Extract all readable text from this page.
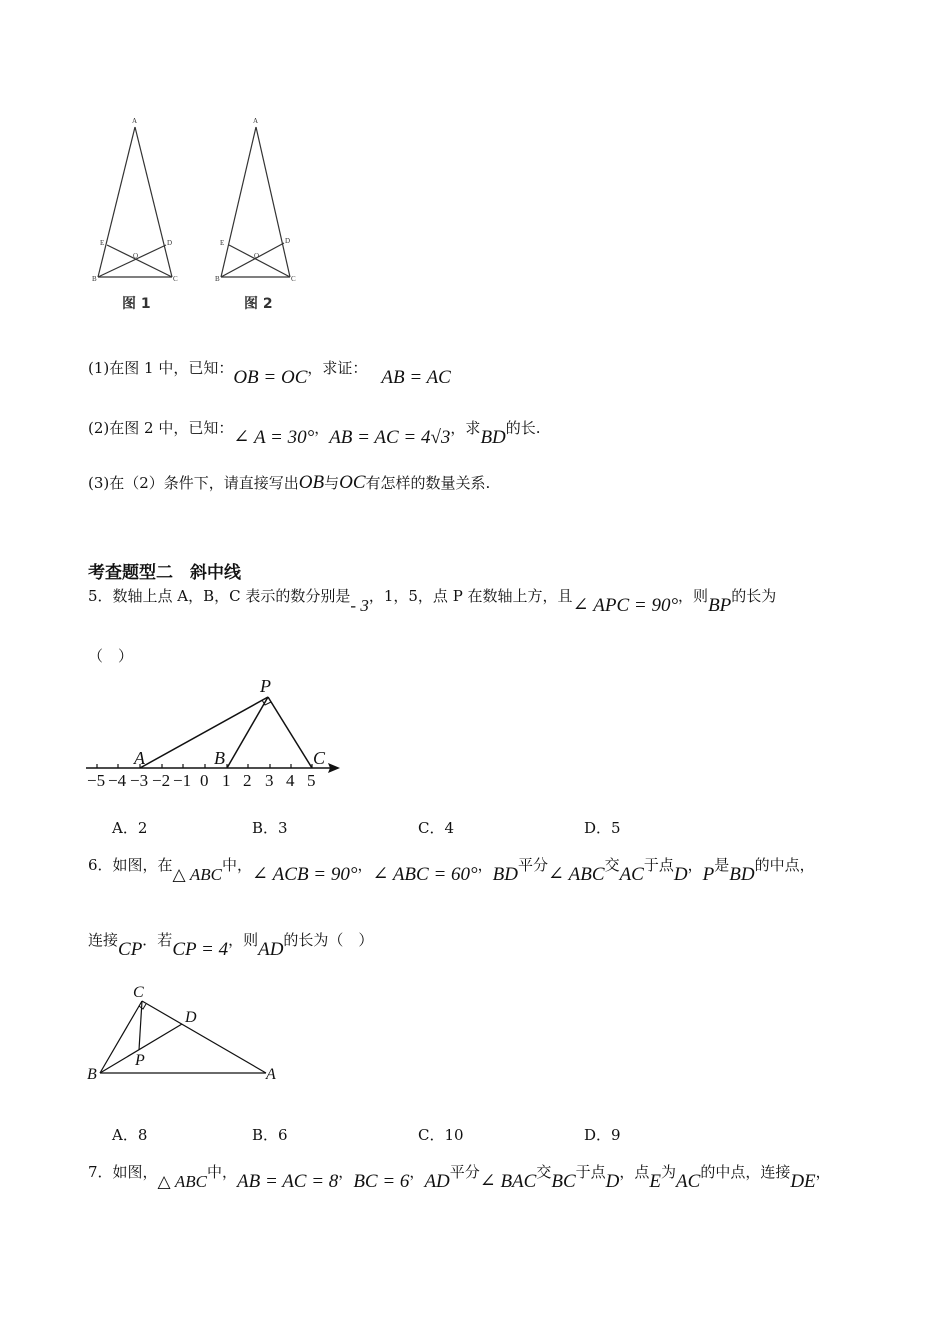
A
E	D
O
B	C
图 1
A
E	D
O
B	C
图 2
(1)在图 1 中，已知：OB = OC，求证： AB = AC
(2)在图 2 中，已知：∠ A = 30°，AB = AC = 4√3，求BD的长.
(3)在（2）条件下，请直接写出OB与OC有怎样的数量关系.
考查题型二　斜中线
5．数轴上点 A，B，C 表示的数分别是- 3，1，5，点 P 在数轴上方，且∠ APC = 90°，则BP的长为
（　）
−5 −4 −3 −2 −1 0 1 2 3 4 5
P
A	B	C
A．2	B．3	C．4	D．5
6．如图，在△ ABC中，∠ ACB = 90°，∠ ABC = 60°，BD平分∠ ABC交AC于点D，P是BD的中点，
连接CP．若CP = 4，则AD的长为（　）
C
D
P
B	A
A．8	B．6	C．10	D．9
7．如图，△ ABC中，AB = AC = 8，BC = 6，AD平分∠ BAC交BC于点D，点E为AC的中点，连接DE，
